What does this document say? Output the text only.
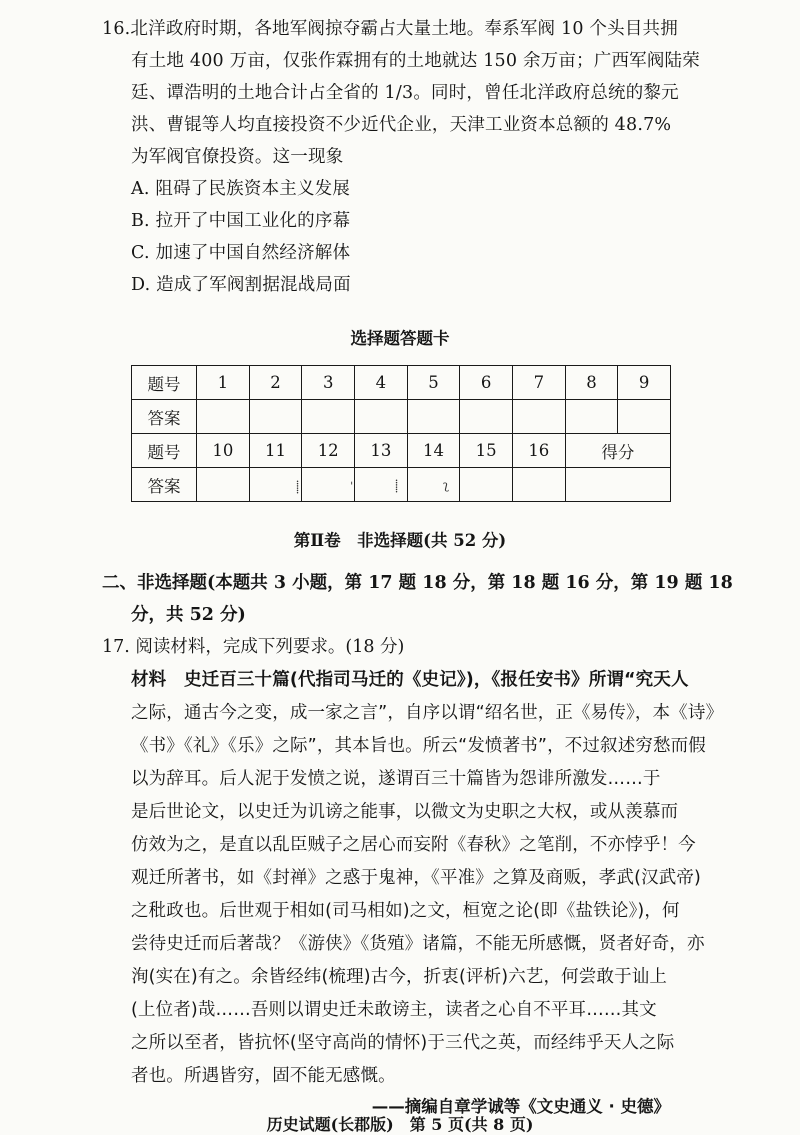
16.北洋政府时期，各地军阀掠夺霸占大量土地。奉系军阀 10 个头目共拥
有土地 400 万亩，仅张作霖拥有的土地就达 150 余万亩；广西军阀陆荣
廷、谭浩明的土地合计占全省的 1/3。同时，曾任北洋政府总统的黎元
洪、曹锟等人均直接投资不少近代企业，天津工业资本总额的 48.7%
为军阀官僚投资。这一现象
A. 阻碍了民族资本主义发展
B. 拉开了中国工业化的序幕
C. 加速了中国自然经济解体
D. 造成了军阀割据混战局面
选择题答题卡
题号	1	2	3	4	5	6	7	8	9
答案									
题号	10	11	12	13	14	15	16	得分	
答案										⸽	ˈ	⸽	ʅ
第Ⅱ卷　非选择题(共 52 分)
二、非选择题(本题共 3 小题，第 17 题 18 分，第 18 题 16 分，第 19 题 18
分，共 52 分)
17. 阅读材料，完成下列要求。(18 分)
材料　史迁百三十篇(代指司马迁的《史记》)，《报任安书》所谓“究天人
之际，通古今之变，成一家之言”，自序以谓“绍名世，正《易传》，本《诗》
《书》《礼》《乐》之际”，其本旨也。所云“发愤著书”，不过叙述穷愁而假
以为辞耳。后人泥于发愤之说，遂谓百三十篇皆为怨诽所激发……于
是后世论文，以史迁为讥谤之能事，以微文为史职之大权，或从羡慕而
仿效为之，是直以乱臣贼子之居心而妄附《春秋》之笔削，不亦悖乎！今
观迁所著书，如《封禅》之惑于鬼神，《平准》之算及商贩，孝武(汉武帝)
之秕政也。后世观于相如(司马相如)之文，桓宽之论(即《盐铁论》)，何
尝待史迁而后著哉？《游侠》《货殖》诸篇，不能无所感慨，贤者好奇，亦
洵(实在)有之。余皆经纬(梳理)古今，折衷(评析)六艺，何尝敢于讪上
(上位者)哉……吾则以谓史迁未敢谤主，读者之心自不平耳……其文
之所以至者，皆抗怀(坚守高尚的情怀)于三代之英，而经纬乎天人之际
者也。所遇皆穷，固不能无感慨。
——摘编自章学诚等《文史通义 · 史德》
历史试题(长郡版)　第 5 页(共 8 页)
